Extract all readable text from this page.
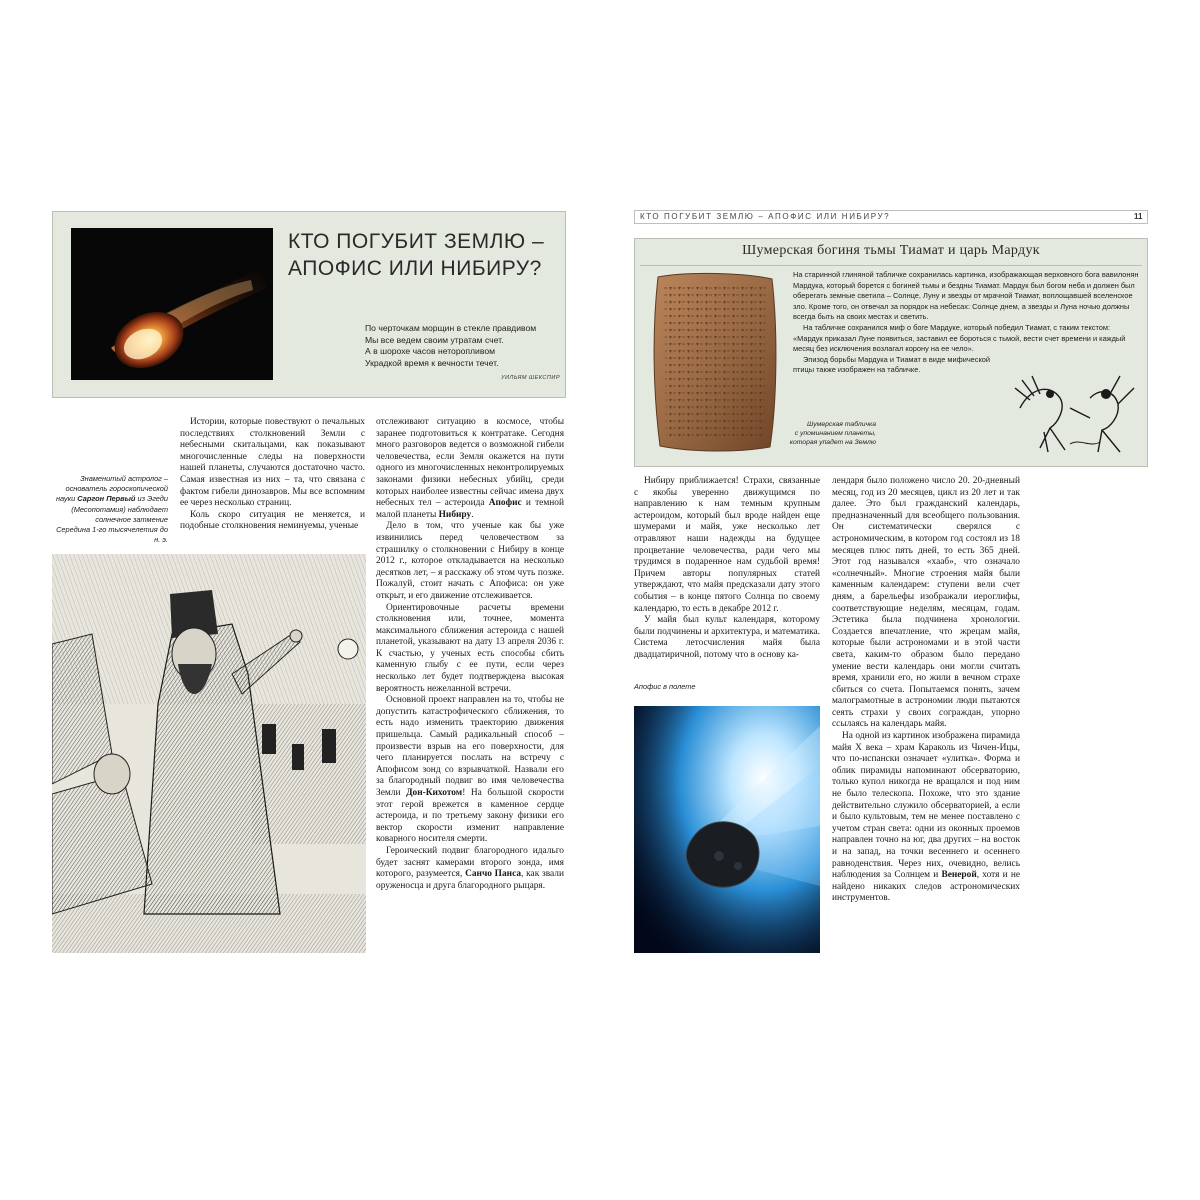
КТО ПОГУБИТ ЗЕМЛЮ –
АПОФИС ИЛИ НИБИРУ?
По черточкам морщин в стекле правдивом
Мы все ведем своим утратам счет.
А в шорохе часов неторопливом
Украдкой время к вечности течет.
УИЛЬЯМ ШЕКСПИР
Знаменитый астролог –
основатель гороскопической
науки Саргон Первый из Эгеди
(Месопотамия) наблюдает
солнечное затмение
Середина 1-го тысячелетия до н. э.

Истории, которые повествуют о печальных последствиях столкновений Земли с небесными скитальцами, как показывают многочисленные следы на поверхности нашей планеты, случаются достаточно часто. Самая известная из них – та, что связана с фактом гибели динозавров. Мы все вспомним ее через несколько страниц.

Коль скоро ситуация не меняется, и подобные столкновения неминуемы, ученые

отслеживают ситуацию в космосе, чтобы заранее подготовиться к контратаке. Сегодня много разговоров ведется о возможной гибели человечества, если Земля окажется на пути одного из многочисленных неконтролируемых законами физики небесных убийц, среди которых наиболее известны сейчас имена двух небесных тел – астероида Апофис и темной малой планеты Нибиру.

Дело в том, что ученые как бы уже извинились перед человечеством за страшилку о столкновении с Нибиру в конце 2012 г., которое откладывается на несколько десятков лет, – я расскажу об этом чуть позже. Пожалуй, стоит начать с Апофиса: он уже открыт, и его движение отслеживается.

Ориентировочные расчеты времени столкновения или, точнее, момента максимального сближения астероида с нашей планетой, указывают на дату 13 апреля 2036 г. К счастью, у ученых есть способы сбить каменную глыбу с ее пути, если через несколько лет будет подтверждена высокая вероятность нежеланной встречи.

Основной проект направлен на то, чтобы не допустить катастрофического сближения, то есть надо изменить траекторию движения пришельца. Самый радикальный способ – произвести взрыв на его поверхности, для чего планируется послать на встречу с Апофисом зонд со взрывчаткой. Назвали его за благородный подвиг во имя человечества Земли Дон-Кихотом! На большой скорости этот герой врежется в каменное сердце астероида, и по третьему закону физики его вектор скорости изменит направление коварного носителя смерти.

Героический подвиг благородного идальго будет заснят камерами второго зонда, имя которого, разумеется, Санчо Панса, как звали оруженосца и друга благородного рыцаря.

КТО ПОГУБИТ ЗЕМЛЮ – АПОФИС ИЛИ НИБИРУ?	11
Шумерская богиня тьмы Тиамат и царь Мардук

На старинной глиняной табличке сохранилась картинка, изображающая верховного бога вавилонян Мардука, который борется с богиней тьмы и бездны Тиамат. Мардук был богом неба и должен был оберегать земные светила – Солнце, Луну и звезды от мрачной Тиамат, воплощавшей вселенское зло. Кроме того, он отвечал за порядок на небесах: Солнце днем, а звезды и Луна ночью должны всегда быть на своих местах и светить.

На табличке сохранился миф о боге Мардуке, который победил Тиамат, с таким текстом: «Мардук приказал Луне появиться, заставил ее бороться с тьмой, вести счет времени и каждый месяц без исключения возлагал корону на ее чело».

Эпизод борьбы Мардука и Тиамат в виде мифической птицы также изображен на табличке.

Шумерская табличка
с упоминанием планеты,
которая упадет на Землю

Нибиру приближается! Страхи, связанные с якобы уверенно движущимся по направлению к нам темным крупным астероидом, который был вроде найден еще шумерами и майя, уже несколько лет отравляют наши надежды на будущее процветание человечества, ради чего мы трудимся в подаренное нам судьбой время! Причем авторы популярных статей утверждают, что майя предсказали дату этого события – в конце пятого Солнца по своему календарю, то есть в декабре 2012 г.

У майя был культ календаря, которому были подчинены и архитектура, и математика. Система летосчисления майя была двадцатиричной, потому что в основу ка-

Апофис в полете

лендаря было положено число 20. 20-дневный месяц, год из 20 месяцев, цикл из 20 лет и так далее. Это был гражданский календарь, предназначенный для всеобщего пользования. Он систематически сверялся с астрономическим, в котором год состоял из 18 месяцев плюс пять дней, то есть 365 дней. Этот год назывался «хааб», что означало «солнечный». Многие строения майя были каменным календарем: ступени вели счет дням, а барельефы изображали иероглифы, соответствующие неделям, месяцам, годам. Эстетика была подчинена хронологии. Создается впечатление, что жрецам майя, которые были астрономами и в этой части света, каким-то образом было передано умение вести календарь они могли считать время, хранили его, но жили в вечном страхе сбиться со счета. Попытаемся понять, зачем малограмотные в астрономии люди пытаются сеять страхи у своих сограждан, упорно ссылаясь на календарь майя.

На одной из картинок изображена пирамида майя X века – храм Караколь из Чичен-Ицы, что по-испански означает «улитка». Форма и облик пирамиды напоминают обсерваторию, только купол никогда не вращался и под ним не было телескопа. Похоже, что это здание действительно служило обсерваторией, а если и было культовым, тем не менее поставлено с учетом стран света: одни из оконных проемов направлен точно на юг, два других – на восток и на запад, на точки весеннего и осеннего равноденствия. Через них, очевидно, велись наблюдения за Солнцем и Венерой, хотя и не найдено никаких следов астрономических инструментов.
